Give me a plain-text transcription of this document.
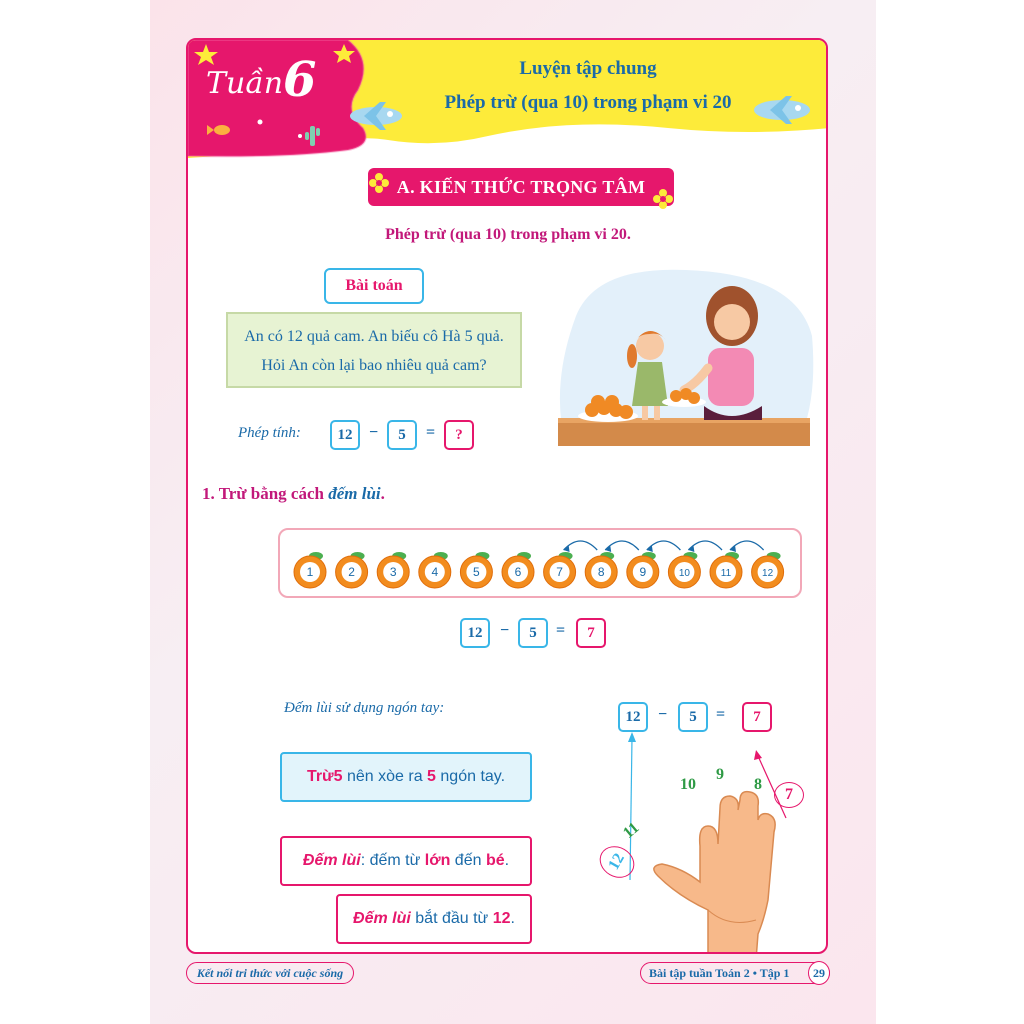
Tuần 6	Luyện tập chung
Phép trừ (qua 10) trong phạm vi 20
A. KIẾN THỨC TRỌNG TÂM
Phép trừ (qua 10) trong phạm vi 20.
Bài toán
An có 12 quả cam. An biếu cô Hà 5 quả.
Hỏi An còn lại bao nhiêu quả cam?
Phép tính:	12	−	5	=	?
1. Trừ bằng cách đếm lùi.
1	2	3	4	5	6	7	8	9	10	11	12
12	−	5	=	7
Đếm lùi sử dụng ngón tay:
Trừ 5 nên xòe ra 5 ngón tay.
Đếm lùi : đếm từ lớn đến bé .
Đếm lùi bắt đầu từ 12 .
12	−	5	=	7
11
10
9
8
12
7
Kết nối tri thức với cuộc sống	Bài tập tuần Toán 2 • Tập 1	29
